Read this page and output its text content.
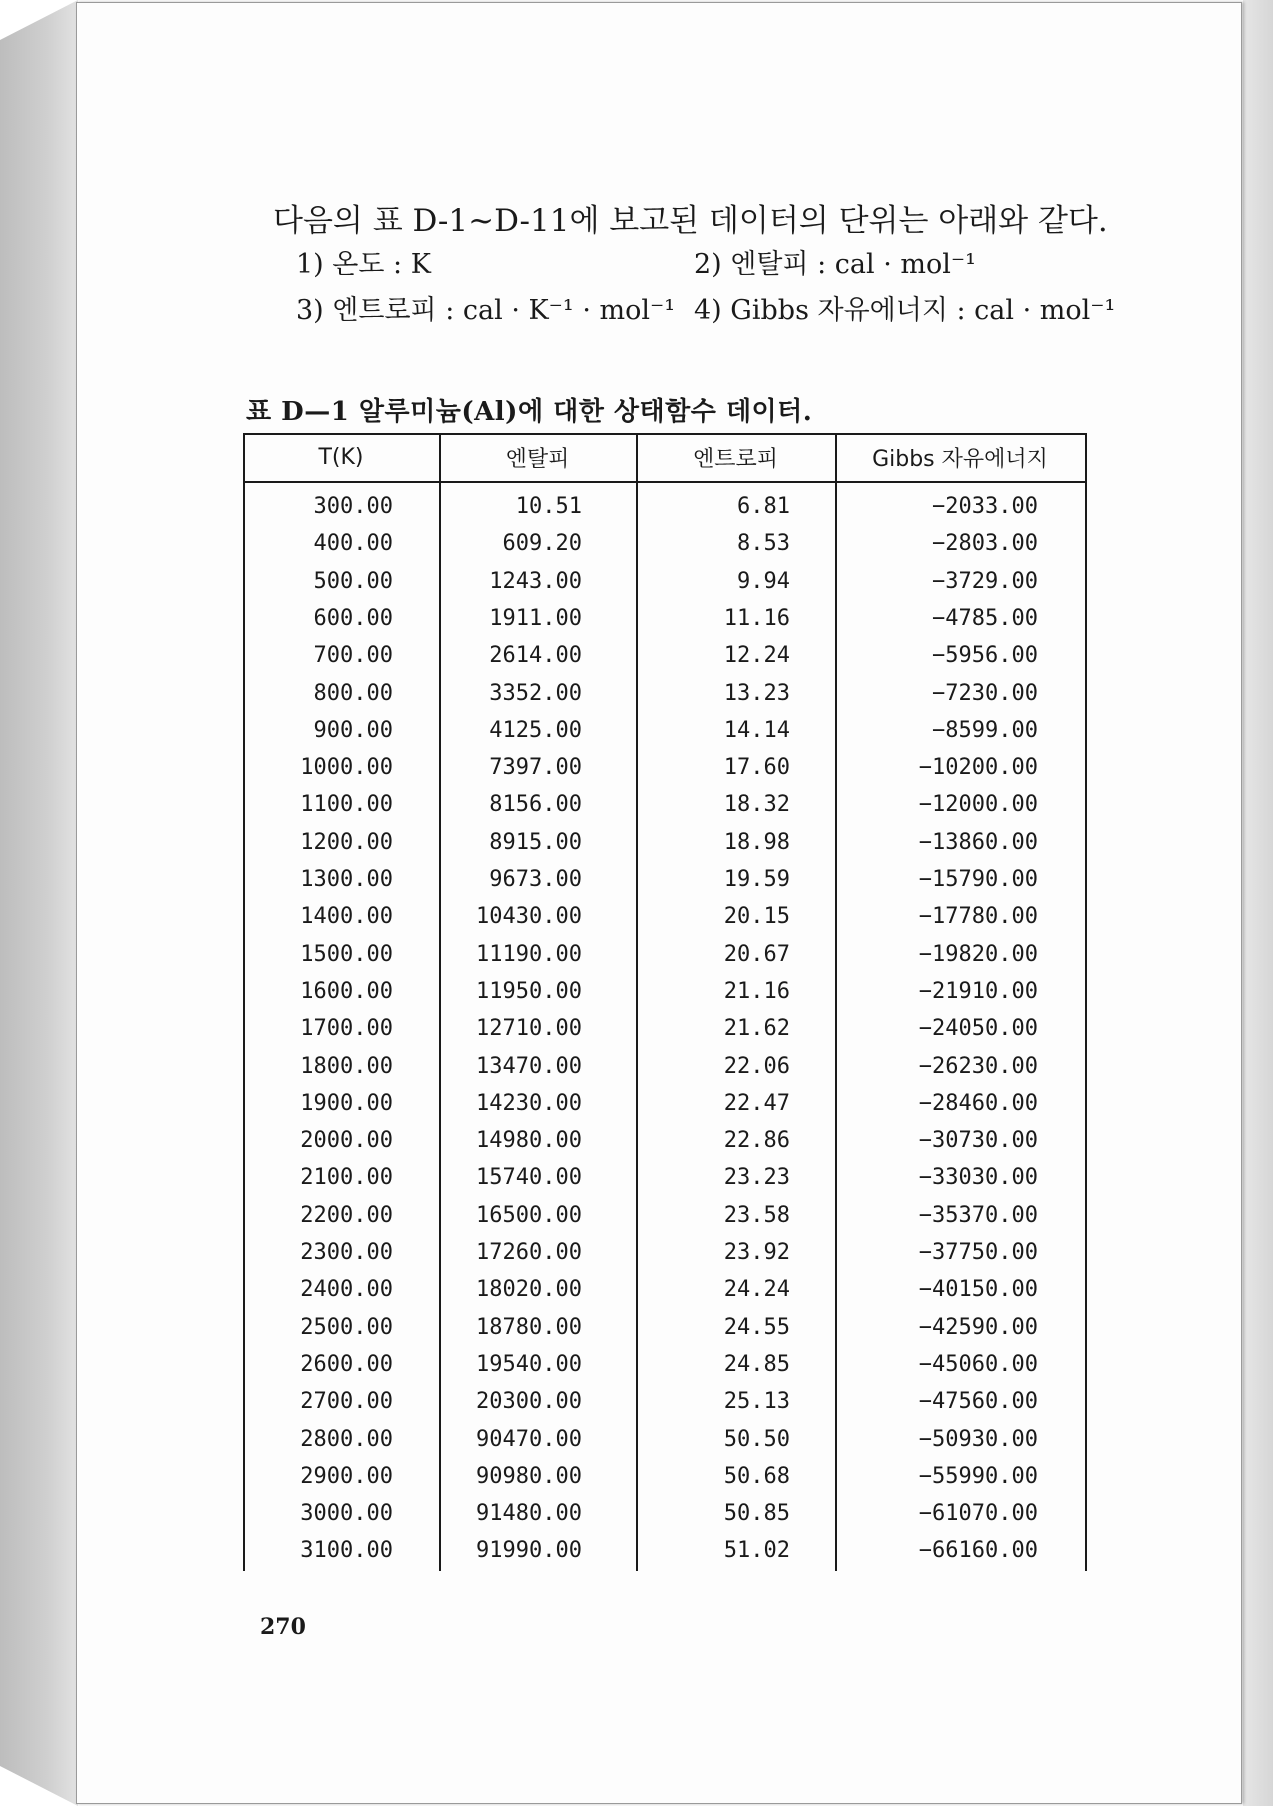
다음의 표 D-1~D-11에 보고된 데이터의 단위는 아래와 같다.
1) 온도 : K	2) 엔탈피 : cal · mol⁻¹
3) 엔트로피 : cal · K⁻¹ · mol⁻¹ 4) Gibbs 자유에너지 : cal · mol⁻¹
표 D—1 알루미늄(Al)에 대한 상태함수 데이터.
T(K)	엔탈피	엔트로피	Gibbs 자유에너지
300.00	10.51	6.81	−2033.00
400.00	609.20	8.53	−2803.00
500.00	1243.00	9.94	−3729.00
600.00	1911.00	11.16	−4785.00
700.00	2614.00	12.24	−5956.00
800.00	3352.00	13.23	−7230.00
900.00	4125.00	14.14	−8599.00
1000.00	7397.00	17.60	−10200.00
1100.00	8156.00	18.32	−12000.00
1200.00	8915.00	18.98	−13860.00
1300.00	9673.00	19.59	−15790.00
1400.00	10430.00	20.15	−17780.00
1500.00	11190.00	20.67	−19820.00
1600.00	11950.00	21.16	−21910.00
1700.00	12710.00	21.62	−24050.00
1800.00	13470.00	22.06	−26230.00
1900.00	14230.00	22.47	−28460.00
2000.00	14980.00	22.86	−30730.00
2100.00	15740.00	23.23	−33030.00
2200.00	16500.00	23.58	−35370.00
2300.00	17260.00	23.92	−37750.00
2400.00	18020.00	24.24	−40150.00
2500.00	18780.00	24.55	−42590.00
2600.00	19540.00	24.85	−45060.00
2700.00	20300.00	25.13	−47560.00
2800.00	90470.00	50.50	−50930.00
2900.00	90980.00	50.68	−55990.00
3000.00	91480.00	50.85	−61070.00
3100.00	91990.00	51.02	−66160.00
270
